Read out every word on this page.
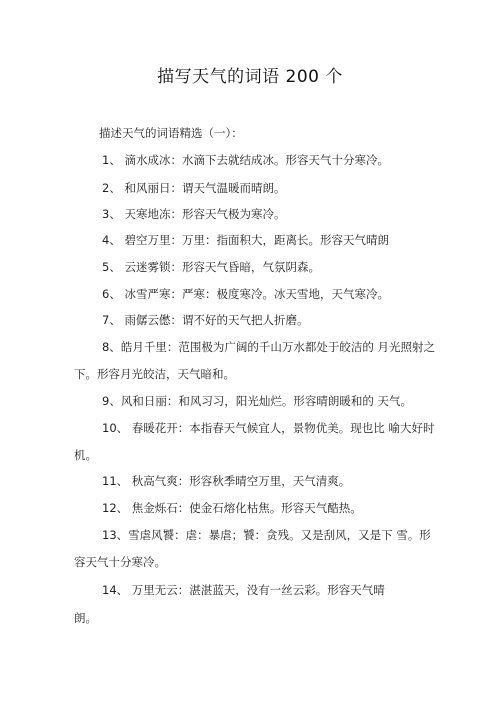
描写天气的词语 200 个
描述天气的词语精选（一）：
1、 滴水成冰：水滴下去就结成冰。形容天气十分寒冷。
2、 和风丽日：谓天气温暖而晴朗。
3、 天寒地冻：形容天气极为寒冷。
4、 碧空万里：万里：指面积大，距离长。形容天气晴朗
5、 云迷雾锁：形容天气昏暗，气氛阴森。
6、 冰雪严寒：严寒：极度寒冷。冰天雪地，天气寒冷。
7、 雨僝云僽：谓不好的天气把人折磨。
8、皓月千里：范围极为广阔的千山万水都处于皎洁的 月光照射之
下。形容月光皎洁，天气暗和。
9、风和日丽：和风习习，阳光灿烂。形容晴朗暖和的 天气。
10、 春暖花开：本指春天气候宜人，景物优美。现也比 喻大好时
机。
11、 秋高气爽：形容秋季晴空万里，天气清爽。
12、 焦金烁石：使金石熔化枯焦。形容天气酷热。
13、雪虐风饕：虐：暴虐；饕：贪残。又是刮风，又是下 雪。形
容天气十分寒冷。
14、 万里无云：湛湛蓝天，没有一丝云彩。形容天气晴
朗。
